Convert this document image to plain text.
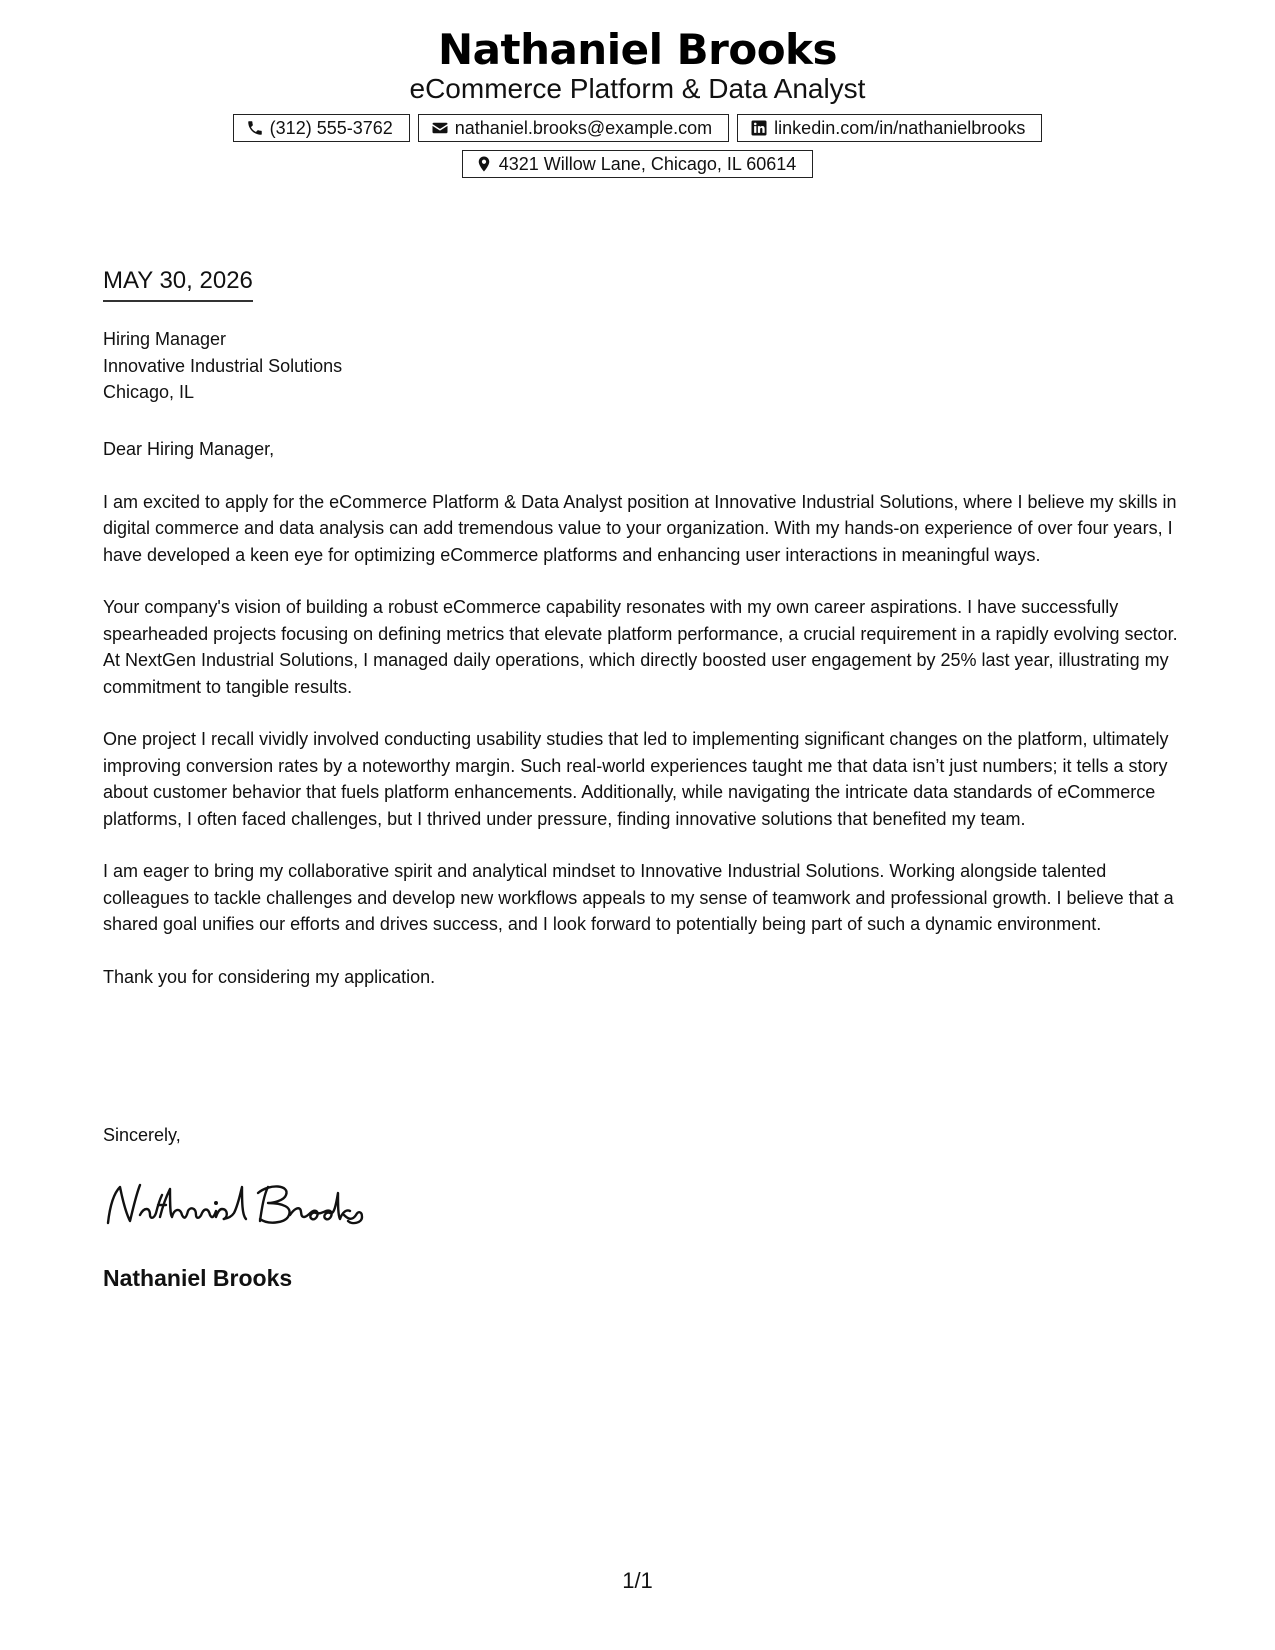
Nathaniel Brooks
eCommerce Platform & Data Analyst
(312) 555-3762	nathaniel.brooks@example.com	linkedin.com/in/nathanielbrooks
4321 Willow Lane, Chicago, IL 60614
MAY 30, 2026
Hiring Manager
Innovative Industrial Solutions
Chicago, IL
Dear Hiring Manager,

I am excited to apply for the eCommerce Platform & Data Analyst position at Innovative Industrial Solutions, where I believe my skills in digital commerce and data analysis can add tremendous value to your organization. With my hands-on experience of over four years, I have developed a keen eye for optimizing eCommerce platforms and enhancing user interactions in meaningful ways.

Your company's vision of building a robust eCommerce capability resonates with my own career aspirations. I have successfully spearheaded projects focusing on defining metrics that elevate platform performance, a crucial requirement in a rapidly evolving sector. At NextGen Industrial Solutions, I managed daily operations, which directly boosted user engagement by 25% last year, illustrating my commitment to tangible results.

One project I recall vividly involved conducting usability studies that led to implementing significant changes on the platform, ultimately improving conversion rates by a noteworthy margin. Such real-world experiences taught me that data isn’t just numbers; it tells a story about customer behavior that fuels platform enhancements. Additionally, while navigating the intricate data standards of eCommerce platforms, I often faced challenges, but I thrived under pressure, finding innovative solutions that benefited my team.

I am eager to bring my collaborative spirit and analytical mindset to Innovative Industrial Solutions. Working alongside talented colleagues to tackle challenges and develop new workflows appeals to my sense of teamwork and professional growth. I believe that a shared goal unifies our efforts and drives success, and I look forward to potentially being part of such a dynamic environment.

Thank you for considering my application.

Sincerely,
Nathaniel Brooks
1/1
